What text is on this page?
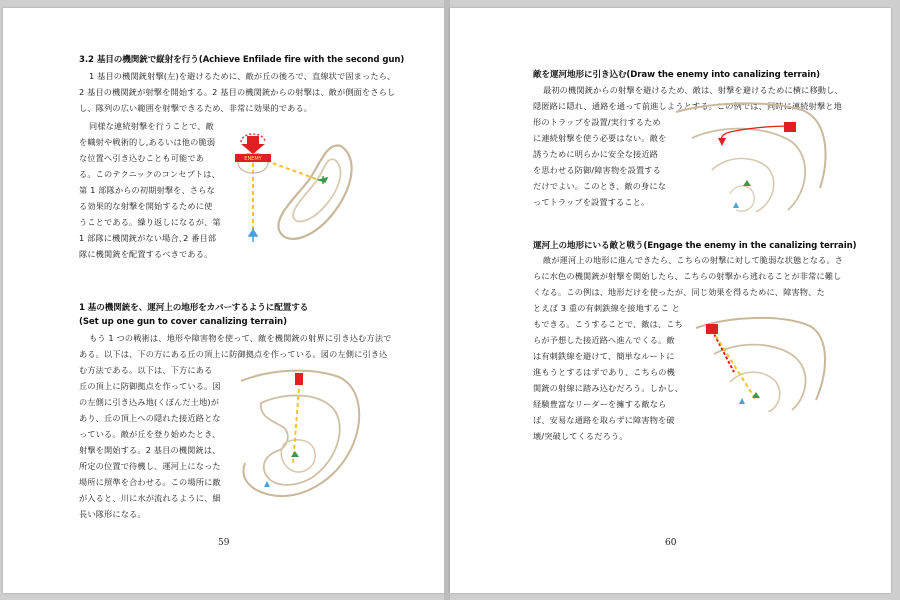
3.2 基目の機関銃で縦射を行う(Achieve Enfilade fire with the second gun)
1 基目の機関銃射撃(左)を避けるために、敵が丘の後ろで、直線状で固まったら、
2 基目の機関銃が射撃を開始する。2 基目の機関銃からの射撃は、敵が側面をさらし
し、隊列の広い範囲を射撃できるため、非常に効果的である。
同様な連続射撃を行うことで、敵
を幟射や戦術的し,あるいは他の脆弱
な位置へ引き込むことも可能であ
る。このテクニックのコンセプトは、
第 1 部隊からの初期射撃を、さらな
る効果的な射撃を開始するために使
うことである。繰り返しになるが、第
1 部隊に機関銃がない場合､2 番目部
隊に機関銃を配置するべきである。
ENEMY
1 基の機関銃を、運河上の地形をカバーするように配置する
(Set up one gun to cover canalizing terrain)
もう 1 つの戦術は、地形や障害物を使って、敵を機関銃の射界に引き込む方法で
ある。以下は、下の方にある丘の頂上に防御拠点を作っている。図の左側に引き込
む方法である。以下は、下方にある
丘の頂上に防御拠点を作っている。図
の左側に引き込み地(くぼんだ土地)が
あり、丘の頂上への隠れた接近路とな
っている。敵が丘を登り始めたとき、
射撃を開始する。2 基目の機関銃は、
所定の位置で待機し、運河上になった
場所に照準を合わせる。この場所に敵
が入ると、川に水が流れるように、細
長い隊形になる。
59
敵を運河地形に引き込む(Draw the enemy into canalizing terrain)
最初の機関銃からの射撃を避けるため、敵は、射撃を避けるために横に移動し、
隠匿路に隠れ、通路を通って前進しようとする。この例では、同時に連続射撃と地
形のトラップを設置/実行するため
に連続射撃を使う必要はない。敵を
誘うために明らかに安全な接近路
を思わせる防御/障害物を設置する
だけでよい。このとき、敵の身にな
ってトラップを設置すること。
運河上の地形にいる敵と戦う(Engage the enemy in the canalizing terrain)
敵が運河上の地形に進んできたら、こちらの射撃に対して脆弱な状態となる。さ
らに水色の機関銃が射撃を開始したら、こちらの射撃から逃れることが非常に難し
くなる。この例は、地形だけを使ったが、同じ効果を得るために、障害物、た
とえば 3 重の有刺鉄線を接地するこ と
もできる。こうすることで、敵は、こち
らが予想した接近路へ進んでくる。敵
は有刺鉄線を避けて、簡単なルートに
進もうとするはずであり、こちらの機
関銃の射線に踏み込むだろう。しかし、
経験豊富なリーダーを擁する敵なら
ば、安易な通路を取らずに障害物を破
壊/突破してくるだろう。
60
